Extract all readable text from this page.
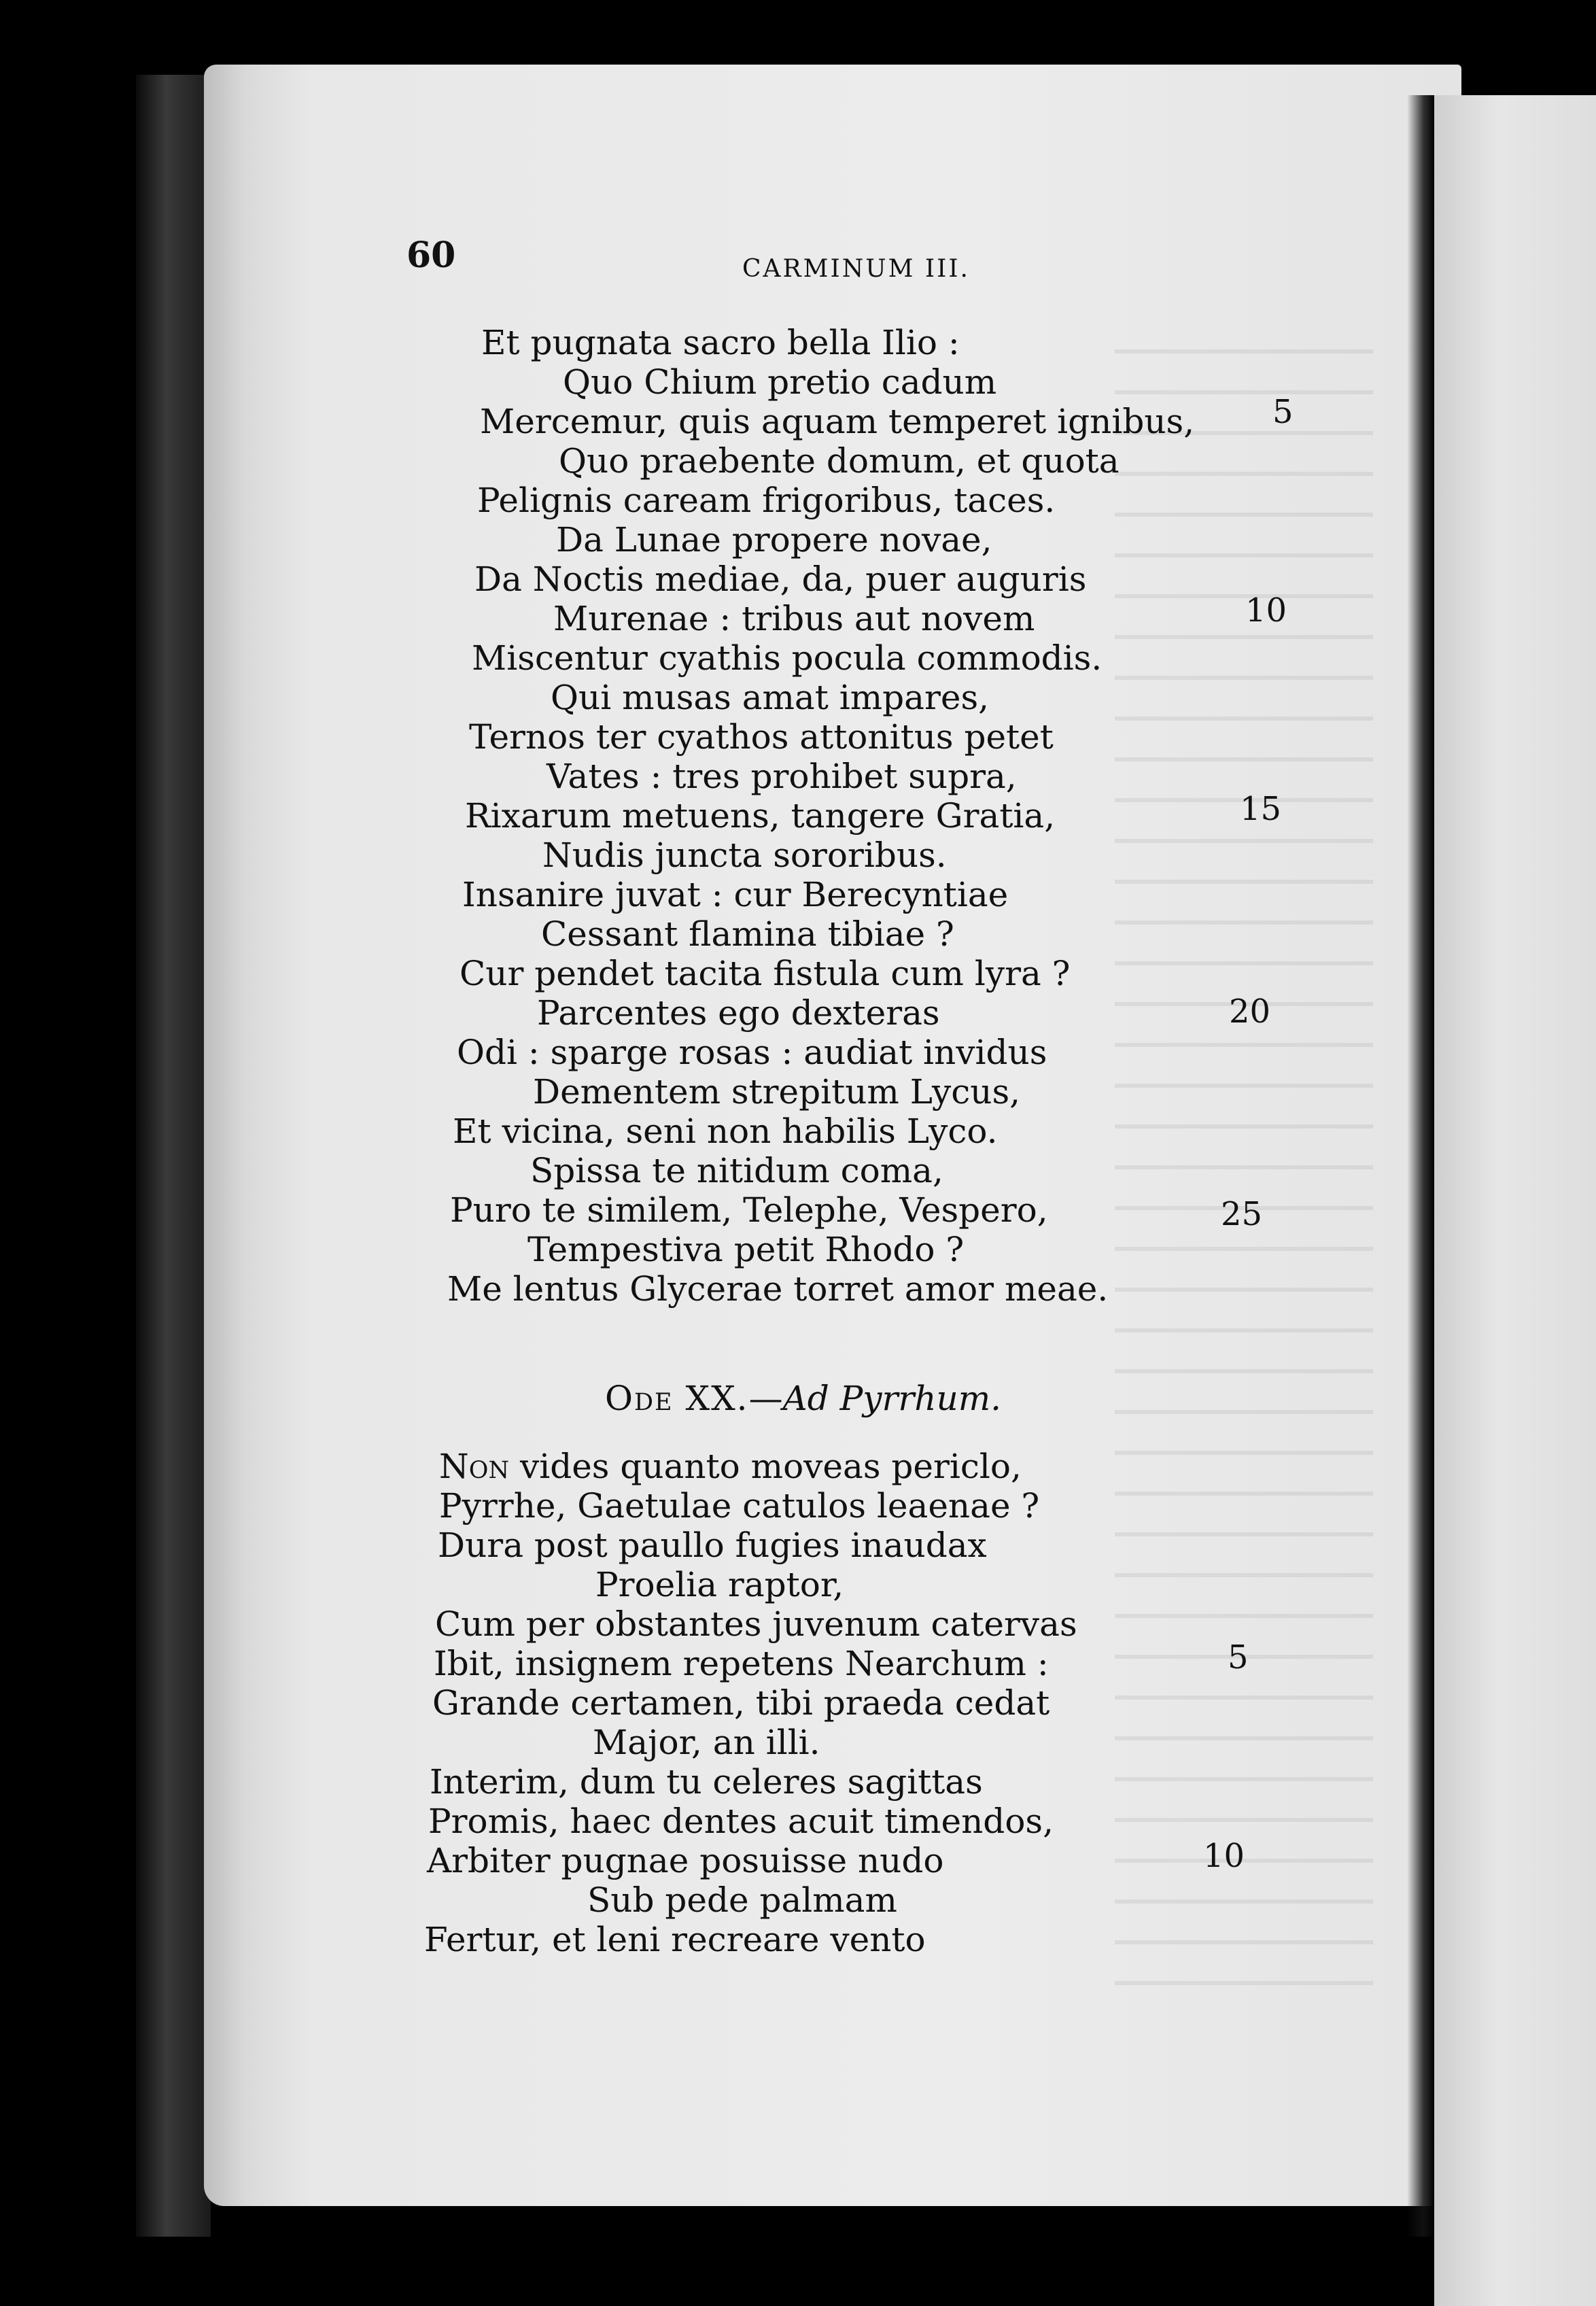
60	CARMINUM III.
Et pugnata sacro bella Ilio :
Quo Chium pretio cadum
Mercemur, quis aquam temperet ignibus,
Quo praebente domum, et quota
Pelignis caream frigoribus, taces.
Da Lunae propere novae,
Da Noctis mediae, da, puer auguris
Murenae : tribus aut novem
Miscentur cyathis pocula commodis.
Qui musas amat impares,
Ternos ter cyathos attonitus petet
Vates : tres prohibet supra,
Rixarum metuens, tangere Gratia,
Nudis juncta sororibus.
Insanire juvat : cur Berecyntiae
Cessant flamina tibiae ?
Cur pendet tacita fistula cum lyra ?
Parcentes ego dexteras
Odi : sparge rosas : audiat invidus
Dementem strepitum Lycus,
Et vicina, seni non habilis Lyco.
Spissa te nitidum coma,
Puro te similem, Telephe, Vespero,
Tempestiva petit Rhodo ?
Me lentus Glycerae torret amor meae.
5
10
15
20
25
Ode XX.—Ad Pyrrhum.
Non vides quanto moveas periclo,
Pyrrhe, Gaetulae catulos leaenae ?
Dura post paullo fugies inaudax
Proelia raptor,
Cum per obstantes juvenum catervas
Ibit, insignem repetens Nearchum :
Grande certamen, tibi praeda cedat
Major, an illi.
Interim, dum tu celeres sagittas
Promis, haec dentes acuit timendos,
Arbiter pugnae posuisse nudo
Sub pede palmam
Fertur, et leni recreare vento
5
10
